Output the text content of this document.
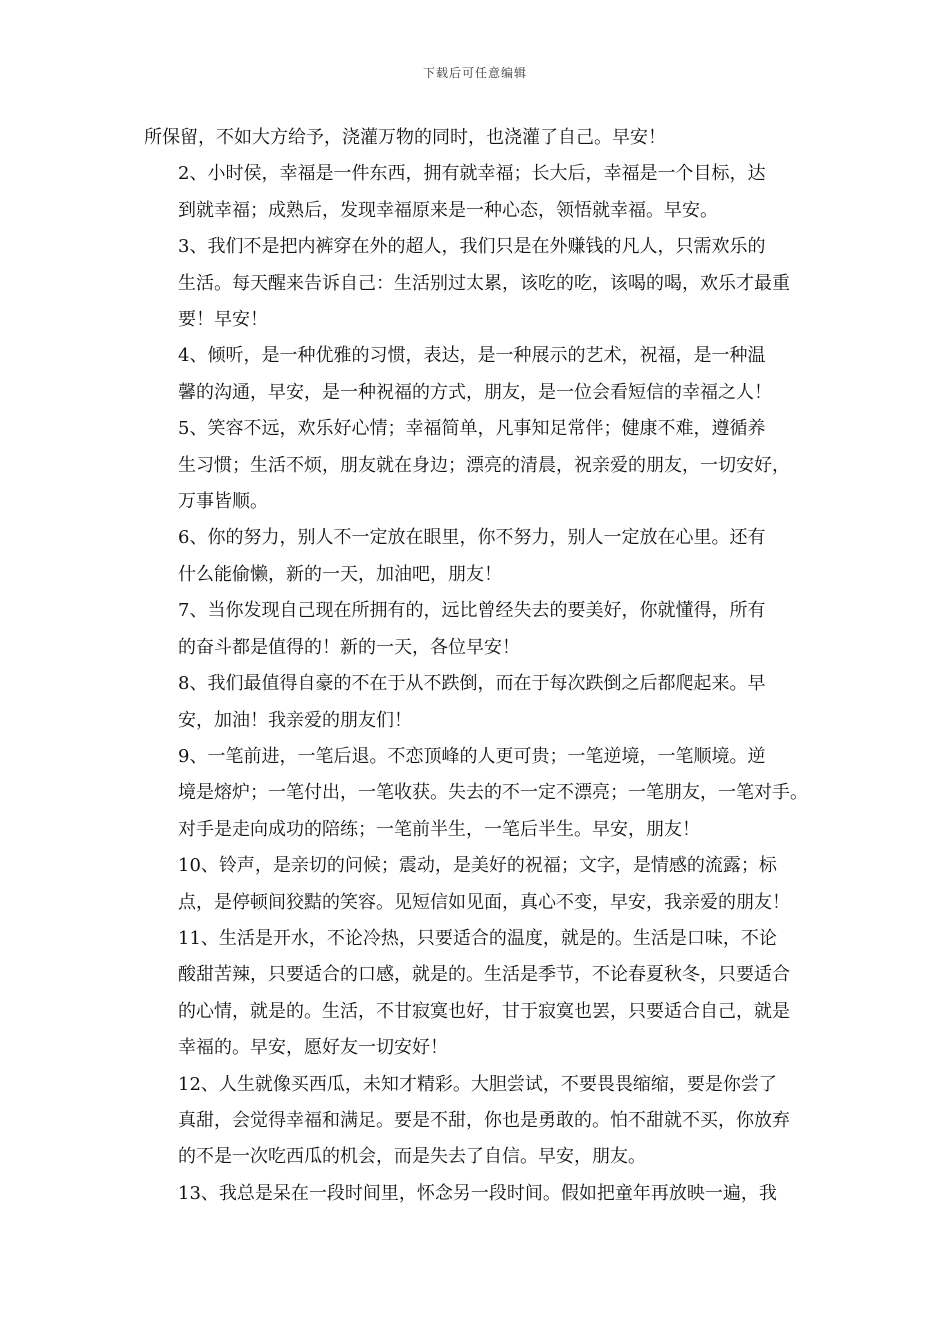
下载后可任意编辑

所保留，不如大方给予，浇灌万物的同时，也浇灌了自己。早安！

2、小时侯，幸福是一件东西，拥有就幸福；长大后，幸福是一个目标，达
到就幸福；成熟后，发现幸福原来是一种心态，领悟就幸福。早安。

3、我们不是把内裤穿在外的超人，我们只是在外赚钱的凡人，只需欢乐的
生活。每天醒来告诉自己：生活别过太累，该吃的吃，该喝的喝，欢乐才最重
要！早安！

4、倾听，是一种优雅的习惯，表达，是一种展示的艺术，祝福，是一种温
馨的沟通，早安，是一种祝福的方式，朋友，是一位会看短信的幸福之人！

5、笑容不远，欢乐好心情；幸福简单，凡事知足常伴；健康不难，遵循养
生习惯；生活不烦，朋友就在身边；漂亮的清晨，祝亲爱的朋友，一切安好，
万事皆顺。

6、你的努力，别人不一定放在眼里，你不努力，别人一定放在心里。还有
什么能偷懒，新的一天，加油吧，朋友！

7、当你发现自己现在所拥有的，远比曾经失去的要美好，你就懂得，所有
的奋斗都是值得的！新的一天，各位早安！

8、我们最值得自豪的不在于从不跌倒，而在于每次跌倒之后都爬起来。早
安，加油！我亲爱的朋友们！

9、一笔前进，一笔后退。不恋顶峰的人更可贵；一笔逆境，一笔顺境。逆
境是熔炉；一笔付出，一笔收获。失去的不一定不漂亮；一笔朋友，一笔对手。
对手是走向成功的陪练；一笔前半生，一笔后半生。早安，朋友！

10、铃声，是亲切的问候；震动，是美好的祝福；文字，是情感的流露；标
点，是停顿间狡黠的笑容。见短信如见面，真心不变，早安，我亲爱的朋友！

11、生活是开水，不论冷热，只要适合的温度，就是的。生活是口味，不论
酸甜苦辣，只要适合的口感，就是的。生活是季节，不论春夏秋冬，只要适合
的心情，就是的。生活，不甘寂寞也好，甘于寂寞也罢，只要适合自己，就是
幸福的。早安，愿好友一切安好！

12、人生就像买西瓜，未知才精彩。大胆尝试，不要畏畏缩缩，要是你尝了
真甜，会觉得幸福和满足。要是不甜，你也是勇敢的。怕不甜就不买，你放弃
的不是一次吃西瓜的机会，而是失去了自信。早安，朋友。

13、我总是呆在一段时间里，怀念另一段时间。假如把童年再放映一遍，我
